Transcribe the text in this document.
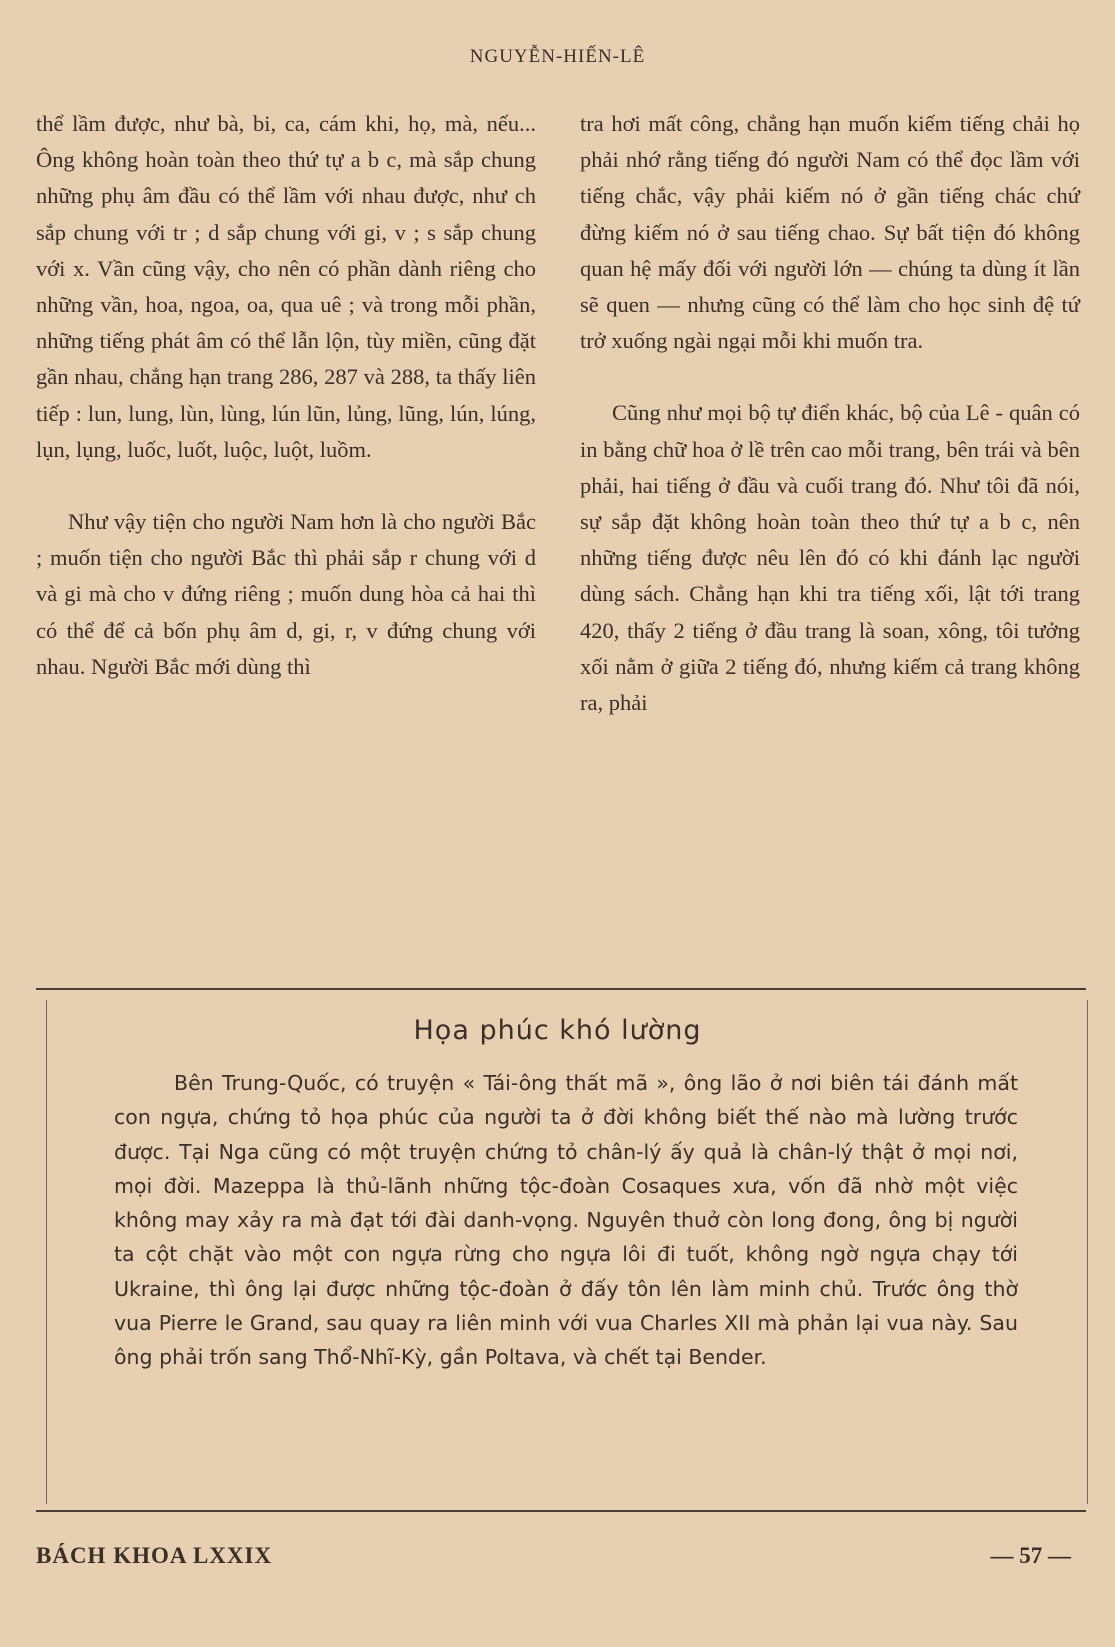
NGUYỄN-HIẾN-LÊ

thể lầm được, như bà, bi, ca, cám khi, họ, mà, nếu... Ông không hoàn toàn theo thứ tự a b c, mà sắp chung những phụ âm đầu có thể lầm với nhau được, như ch sắp chung với tr ; d sắp chung với gi, v ; s sắp chung với x. Vần cũng vậy, cho nên có phần dành riêng cho những vần, hoa, ngoa, oa, qua uê ; và trong mỗi phần, những tiếng phát âm có thể lẫn lộn, tùy miền, cũng đặt gần nhau, chẳng hạn trang 286, 287 và 288, ta thấy liên tiếp : lun, lung, lùn, lùng, lún lũn, lủng, lũng, lún, lúng, lụn, lụng, luốc, luốt, luộc, luột, luồm.

Như vậy tiện cho người Nam hơn là cho người Bắc ; muốn tiện cho người Bắc thì phải sắp r chung với d và gi mà cho v đứng riêng ; muốn dung hòa cả hai thì có thể để cả bốn phụ âm d, gi, r, v đứng chung với nhau. Người Bắc mới dùng thì

tra hơi mất công, chẳng hạn muốn kiếm tiếng chải họ phải nhớ rằng tiếng đó người Nam có thể đọc lầm với tiếng chắc, vậy phải kiếm nó ở gần tiếng chác chứ đừng kiếm nó ở sau tiếng chao. Sự bất tiện đó không quan hệ mấy đối với người lớn — chúng ta dùng ít lần sẽ quen — nhưng cũng có thể làm cho học sinh đệ tứ trở xuống ngài ngại mỗi khi muốn tra.

Cũng như mọi bộ tự điển khác, bộ của Lê - quân có in bằng chữ hoa ở lề trên cao mỗi trang, bên trái và bên phải, hai tiếng ở đầu và cuối trang đó. Như tôi đã nói, sự sắp đặt không hoàn toàn theo thứ tự a b c, nên những tiếng được nêu lên đó có khi đánh lạc người dùng sách. Chẳng hạn khi tra tiếng xối, lật tới trang 420, thấy 2 tiếng ở đầu trang là soan, xông, tôi tưởng xối nằm ở giữa 2 tiếng đó, nhưng kiếm cả trang không ra, phải

Họa phúc khó lường

Bên Trung-Quốc, có truyện « Tái-ông thất mã », ông lão ở nơi biên tái đánh mất con ngựa, chứng tỏ họa phúc của người ta ở đời không biết thế nào mà lường trước được. Tại Nga cũng có một truyện chứng tỏ chân-lý ấy quả là chân-lý thật ở mọi nơi, mọi đời. Mazeppa là thủ-lãnh những tộc-đoàn Cosaques xưa, vốn đã nhờ một việc không may xảy ra mà đạt tới đài danh-vọng. Nguyên thuở còn long đong, ông bị người ta cột chặt vào một con ngựa rừng cho ngựa lôi đi tuốt, không ngờ ngựa chạy tới Ukraine, thì ông lại được những tộc-đoàn ở đấy tôn lên làm minh chủ. Trước ông thờ vua Pierre le Grand, sau quay ra liên minh với vua Charles XII mà phản lại vua này. Sau ông phải trốn sang Thổ-Nhĩ-Kỳ, gần Poltava, và chết tại Bender.

BÁCH KHOA LXXIX	— 57 —
